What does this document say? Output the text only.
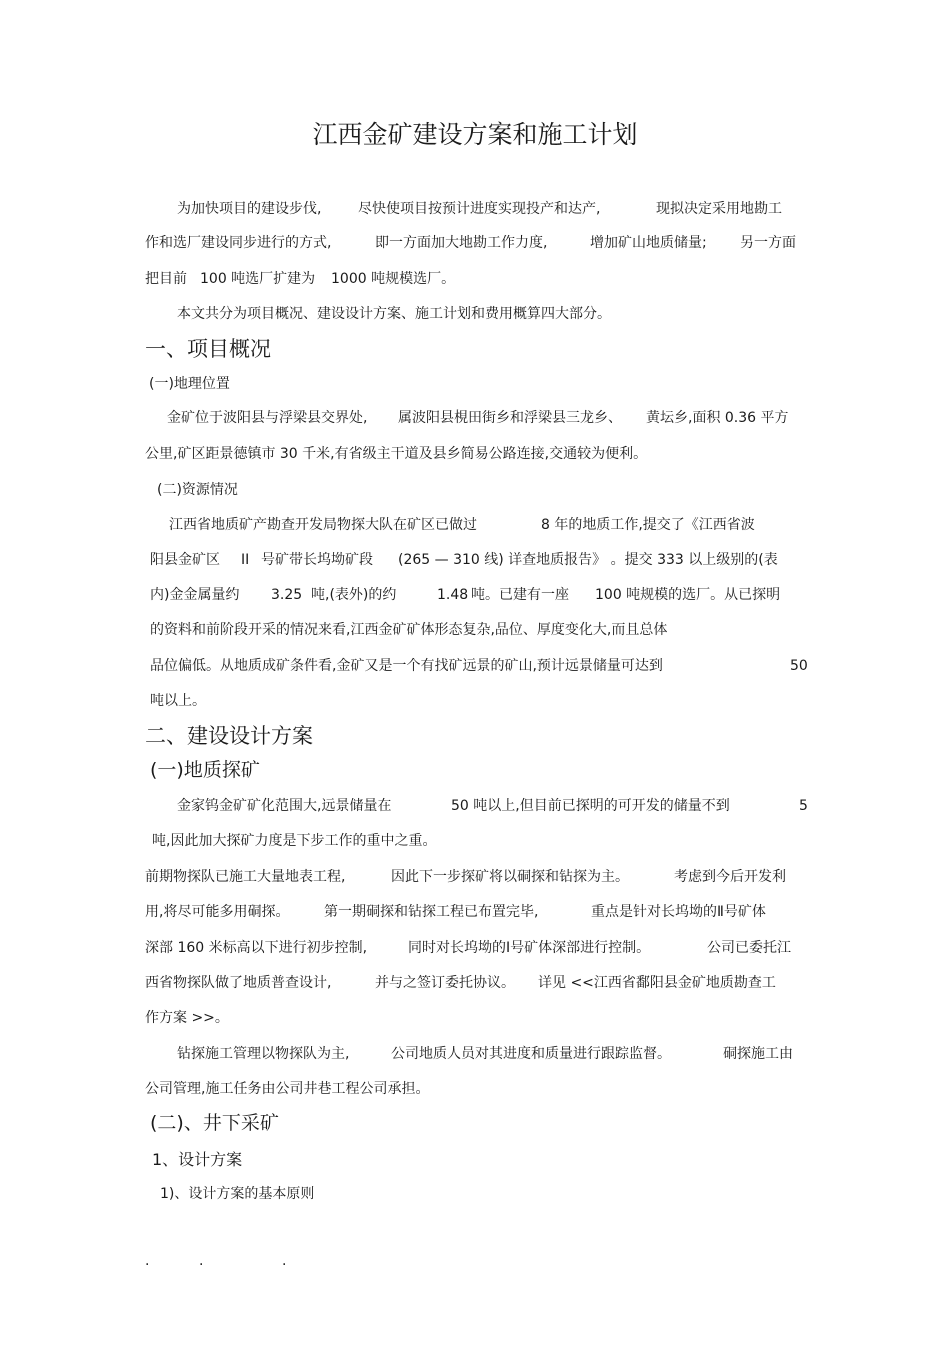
江西金矿建设方案和施工计划
为加快项目的建设步伐,	尽快使项目按预计进度实现投产和达产,	现拟决定采用地勘工
作和选厂建设同步进行的方式,	即一方面加大地勘工作力度,	增加矿山地质储量; 另一方面
把目前 100 吨选厂扩建为 1000 吨规模选厂。
本文共分为项目概况、建设设计方案、施工计划和费用概算四大部分。
一、项目概况
(一)地理位置
金矿位于波阳县与浮梁县交界处, 属波阳县梘田街乡和浮梁县三龙乡、 黄坛乡,面积 0.36 平方
公里,矿区距景德镇市 30 千米,有省级主干道及县乡简易公路连接,交通较为便利。
(二)资源情况
江西省地质矿产勘查开发局物探大队在矿区已做过	8 年的地质工作,提交了《江西省波
阳县金矿区 II 号矿带长坞坳矿段 (265 — 310 线) 详查地质报告》 。提交 333 以上级别的(表
内)金金属量约 3.25 吨,(表外)的约	1.48 吨。已建有一座 100 吨规模的选厂。从已探明
的资料和前阶段开采的情况来看,江西金矿矿体形态复杂,品位、厚度变化大,而且总体
品位偏低。从地质成矿条件看,金矿又是一个有找矿远景的矿山,预计远景储量可达到	50
吨以上。
二、建设设计方案
(一)地质探矿
金家钨金矿矿化范围大,远景储量在	50 吨以上,但目前已探明的可开发的储量不到	5
吨,因此加大探矿力度是下步工作的重中之重。
前期物探队已施工大量地表工程,	因此下一步探矿将以硐探和钻探为主。	考虑到今后开发利
用,将尽可能多用硐探。 第一期硐探和钻探工程已布置完毕,	重点是针对长坞坳的Ⅱ号矿体
深部 160 米标高以下进行初步控制,	同时对长坞坳的Ⅰ号矿体深部进行控制。	公司已委托江
西省物探队做了地质普查设计,	并与之签订委托协议。 详见 <<江西省鄱阳县金矿地质勘查工
作方案 >>。
钻探施工管理以物探队为主,	公司地质人员对其进度和质量进行跟踪监督。	硐探施工由
公司管理,施工任务由公司井巷工程公司承担。
(二)、井下采矿
1、设计方案
1)、设计方案的基本原则
.	.	.
